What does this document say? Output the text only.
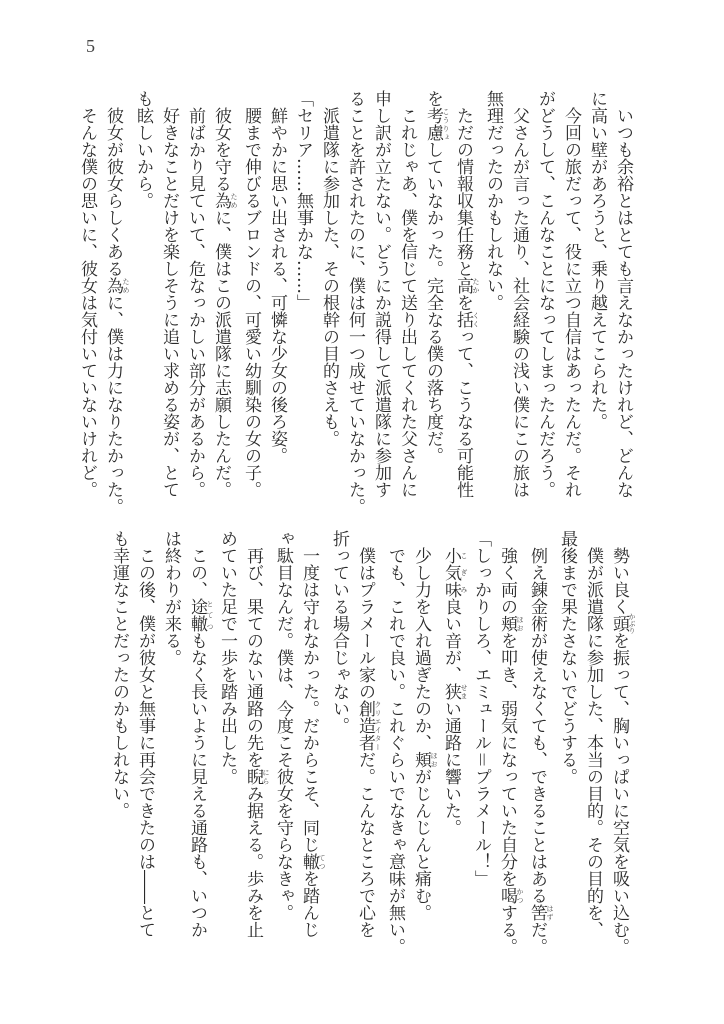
5
　いつも余裕とはとても言えなかったけれど、どんな
に高い壁があろうと、乗り越えてこられた。
　今回の旅だって、役に立つ自信はあったんだ。それ
がどうして、こんなことになってしまったんだろう。
　父さんが言った通り、社会経験の浅い僕にこの旅は
無理だったのかもしれない。
　ただの情報収集任務と高 たかを括 くくって、こうなる可能性
を考慮 こうりょしていなかった。完全なる僕の落ち度だ。
　これじゃあ、僕を信じて送り出してくれた父さんに
申し訳が立たない。どうにか説得して派遣隊に参加す
ることを許されたのに、僕は何一つ成せていなかった。
　派遣隊に参加した、その根幹の目的さえも。
「セリア……無事かな……」
　鮮やかに思い出される、可憐な少女の後ろ姿。
　腰まで伸びるブロンドの、可愛い幼馴染の女の子。
　彼女を守る為 ために、僕はこの派遣隊に志願したんだ。
　前ばかり見ていて、危なっかしい部分があるから。
　好きなことだけを楽しそうに追い求める姿が、とて
も眩しいから。
　彼女が彼女らしくある為 ために、僕は力になりたかった。
　そんな僕の思いに、彼女は気付いていないけれど。
　勢い良く頭 かぶりを振って、胸いっぱいに空気を吸い込む。
　僕が派遣隊に参加した、本当の目的。その目的を、
最後まで果たさないでどうする。
　例え錬金術が使えなくても、できることはある筈 はずだ。
　強く両の頬 ほおを叩き、弱気になっていた自分を喝 かつする。
「しっかりしろ、エミュール＝プラメール！」
　小気味 こぎみ良い音が、狭 せまい通路に響いた。
　少し力を入れ過ぎたのか、頬 ほおがじんじんと痛む。
　でも、これで良い。これぐらいでなきゃ意味が無い。
　僕はプラメール家の創造者 クリエイターだ。こんなところで心を
折っている場合じゃない。
　一度は守れなかった。だからこそ、同じ轍 てつを踏んじ
ゃ駄目なんだ。僕は、今度こそ彼女を守らなきゃ。
　再び、果てのない通路の先を睨 にらみ据える。歩みを止
めていた足で一歩を踏み出した。
　この、途轍 とてつもなく長いように見える通路も、いつか
は終わりが来る。
　この後、僕が彼女と無事に再会できたのは――とて
も幸運なことだったのかもしれない。
